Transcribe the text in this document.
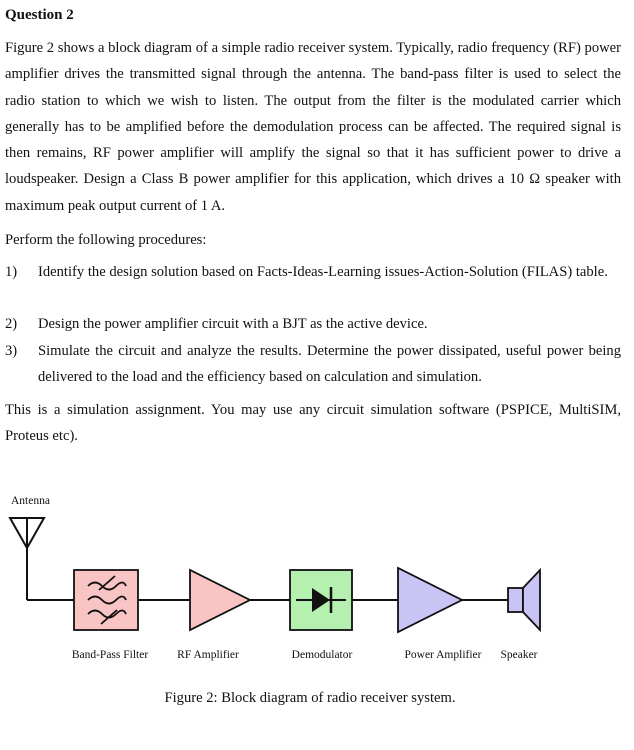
Question 2

Figure 2 shows a block diagram of a simple radio receiver system. Typically, radio frequency (RF) power amplifier drives the transmitted signal through the antenna. The band-pass filter is used to select the radio station to which we wish to listen. The output from the filter is the modulated carrier which generally has to be amplified before the demodulation process can be affected. The required signal is then remains, RF power amplifier will amplify the signal so that it has sufficient power to drive a loudspeaker. Design a Class B power amplifier for this application, which drives a 10 Ω speaker with maximum peak output current of 1 A.

Perform the following procedures:

1) Identify the design solution based on Facts-Ideas-Learning issues-Action-Solution (FILAS) table.
2) Design the power amplifier circuit with a BJT as the active device.
3) Simulate the circuit and analyze the results. Determine the power dissipated, useful power being delivered to the load and the efficiency based on calculation and simulation.

This is a simulation assignment. You may use any circuit simulation software (PSPICE, MultiSIM, Proteus etc).

Antenna
Band-Pass Filter	RF Amplifier	Demodulator	Power Amplifier Speaker
Figure 2: Block diagram of radio receiver system.
